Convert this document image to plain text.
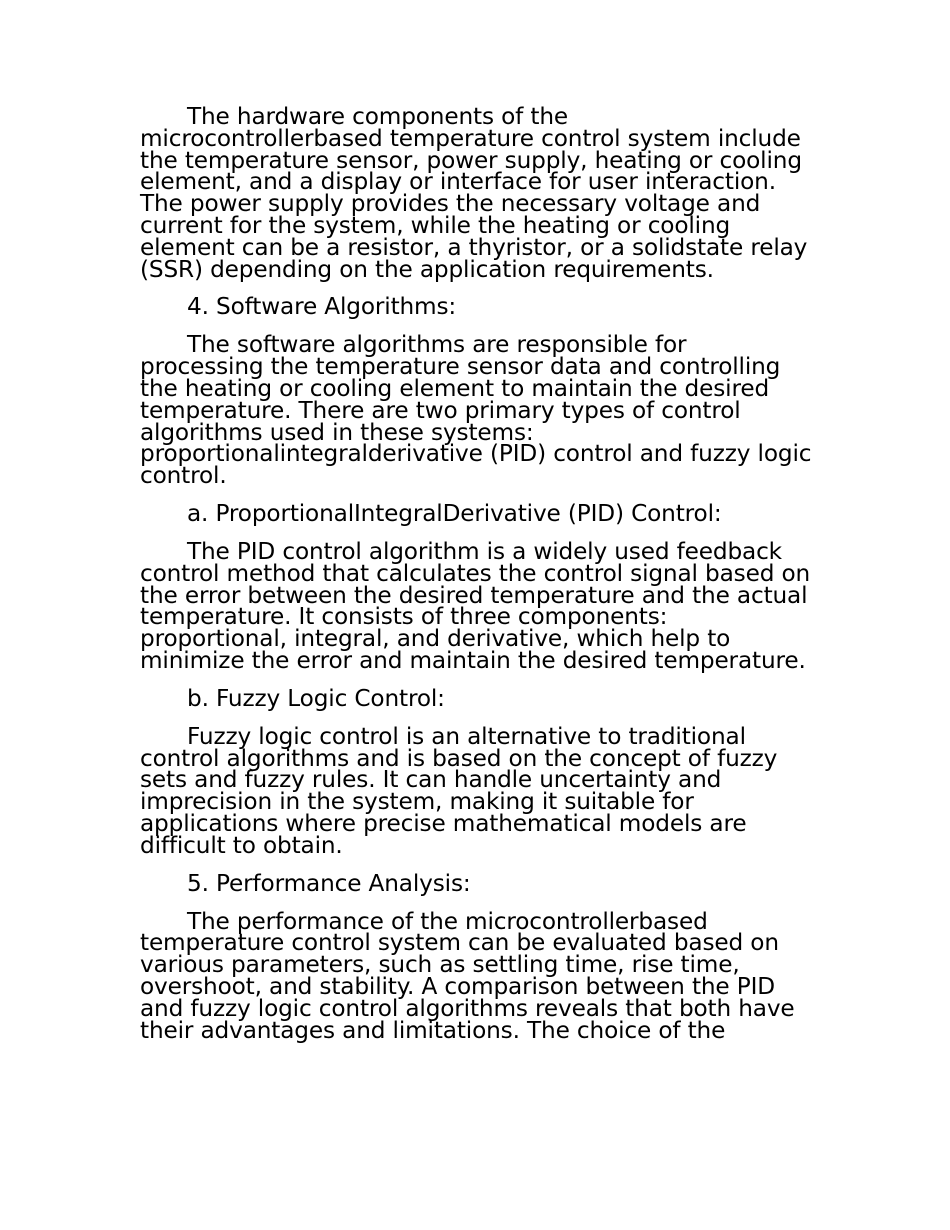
The hardware components of the microcontrollerbased temperature control system include the temperature sensor, power supply, heating or cooling element, and a display or interface for user interaction. The power supply provides the necessary voltage and current for the system, while the heating or cooling element can be a resistor, a thyristor, or a solidstate relay (SSR) depending on the application requirements.

4. Software Algorithms:

The software algorithms are responsible for processing the temperature sensor data and controlling the heating or cooling element to maintain the desired temperature. There are two primary types of control algorithms used in these systems: proportionalintegralderivative (PID) control and fuzzy logic control.

a. ProportionalIntegralDerivative (PID) Control:

The PID control algorithm is a widely used feedback control method that calculates the control signal based on the error between the desired temperature and the actual temperature. It consists of three components: proportional, integral, and derivative, which help to minimize the error and maintain the desired temperature.

b. Fuzzy Logic Control:

Fuzzy logic control is an alternative to traditional control algorithms and is based on the concept of fuzzy sets and fuzzy rules. It can handle uncertainty and imprecision in the system, making it suitable for applications where precise mathematical models are difficult to obtain.

5. Performance Analysis:

The performance of the microcontrollerbased temperature control system can be evaluated based on various parameters, such as settling time, rise time, overshoot, and stability. A comparison between the PID and fuzzy logic control algorithms reveals that both have their advantages and limitations. The choice of the
